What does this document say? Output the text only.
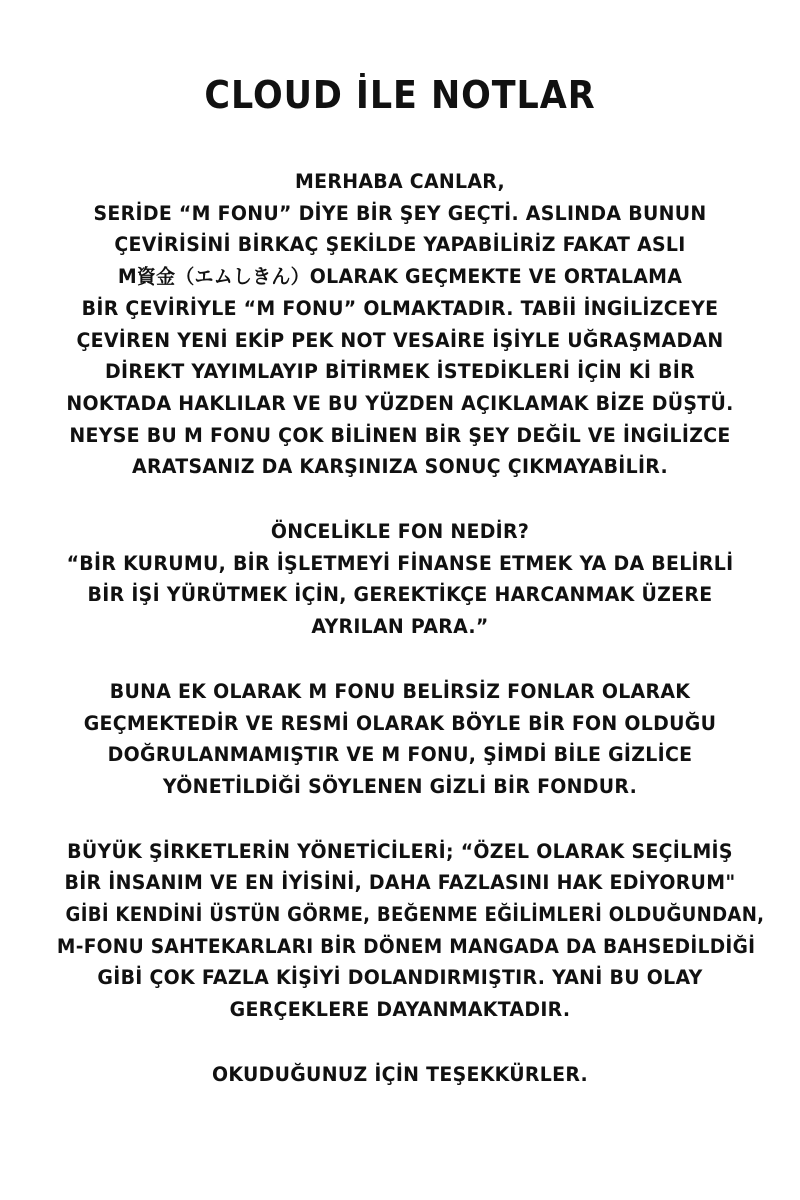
CLOUD İLE NOTLAR

MERHABA CANLAR,
SERİDE “M FONU” DİYE BİR ŞEY GEÇTİ. ASLINDA BUNUN
ÇEVİRİSİNİ BİRKAÇ ŞEKİLDE YAPABİLİRİZ FAKAT ASLI
M資金（エムしきん）OLARAK GEÇMEKTE VE ORTALAMA
BİR ÇEVİRİYLE “M FONU” OLMAKTADIR. TABİİ İNGİLİZCEYE
ÇEVİREN YENİ EKİP PEK NOT VESAİRE İŞİYLE UĞRAŞMADAN
DİREKT YAYIMLAYIP BİTİRMEK İSTEDİKLERİ İÇİN Kİ BİR
NOKTADA HAKLILAR VE BU YÜZDEN AÇIKLAMAK BİZE DÜŞTÜ.
NEYSE BU M FONU ÇOK BİLİNEN BİR ŞEY DEĞİL VE İNGİLİZCE
ARATSANIZ DA KARŞINIZA SONUÇ ÇIKMAYABİLİR.

ÖNCELİKLE FON NEDİR?
“BİR KURUMU, BİR İŞLETMEYİ FİNANSE ETMEK YA DA BELİRLİ
BİR İŞİ YÜRÜTMEK İÇİN, GEREKTİKÇE HARCANMAK ÜZERE
AYRILAN PARA.”

BUNA EK OLARAK M FONU BELİRSİZ FONLAR OLARAK
GEÇMEKTEDİR VE RESMİ OLARAK BÖYLE BİR FON OLDUĞU
DOĞRULANMAMIŞTIR VE M FONU, ŞİMDİ BİLE GİZLİCE
YÖNETİLDİĞİ SÖYLENEN GİZLİ BİR FONDUR.

BÜYÜK ŞİRKETLERİN YÖNETİCİLERİ; “ÖZEL OLARAK SEÇİLMİŞ
BİR İNSANIM VE EN İYİSİNİ, DAHA FAZLASINI HAK EDİYORUM"
GİBİ KENDİNİ ÜSTÜN GÖRME, BEĞENME EĞİLİMLERİ OLDUĞUNDAN,
M-FONU SAHTEKARLARI BİR DÖNEM MANGADA DA BAHSEDİLDİĞİ
GİBİ ÇOK FAZLA KİŞİYİ DOLANDIRMIŞTIR. YANİ BU OLAY
GERÇEKLERE DAYANMAKTADIR.

OKUDUĞUNUZ İÇİN TEŞEKKÜRLER.
